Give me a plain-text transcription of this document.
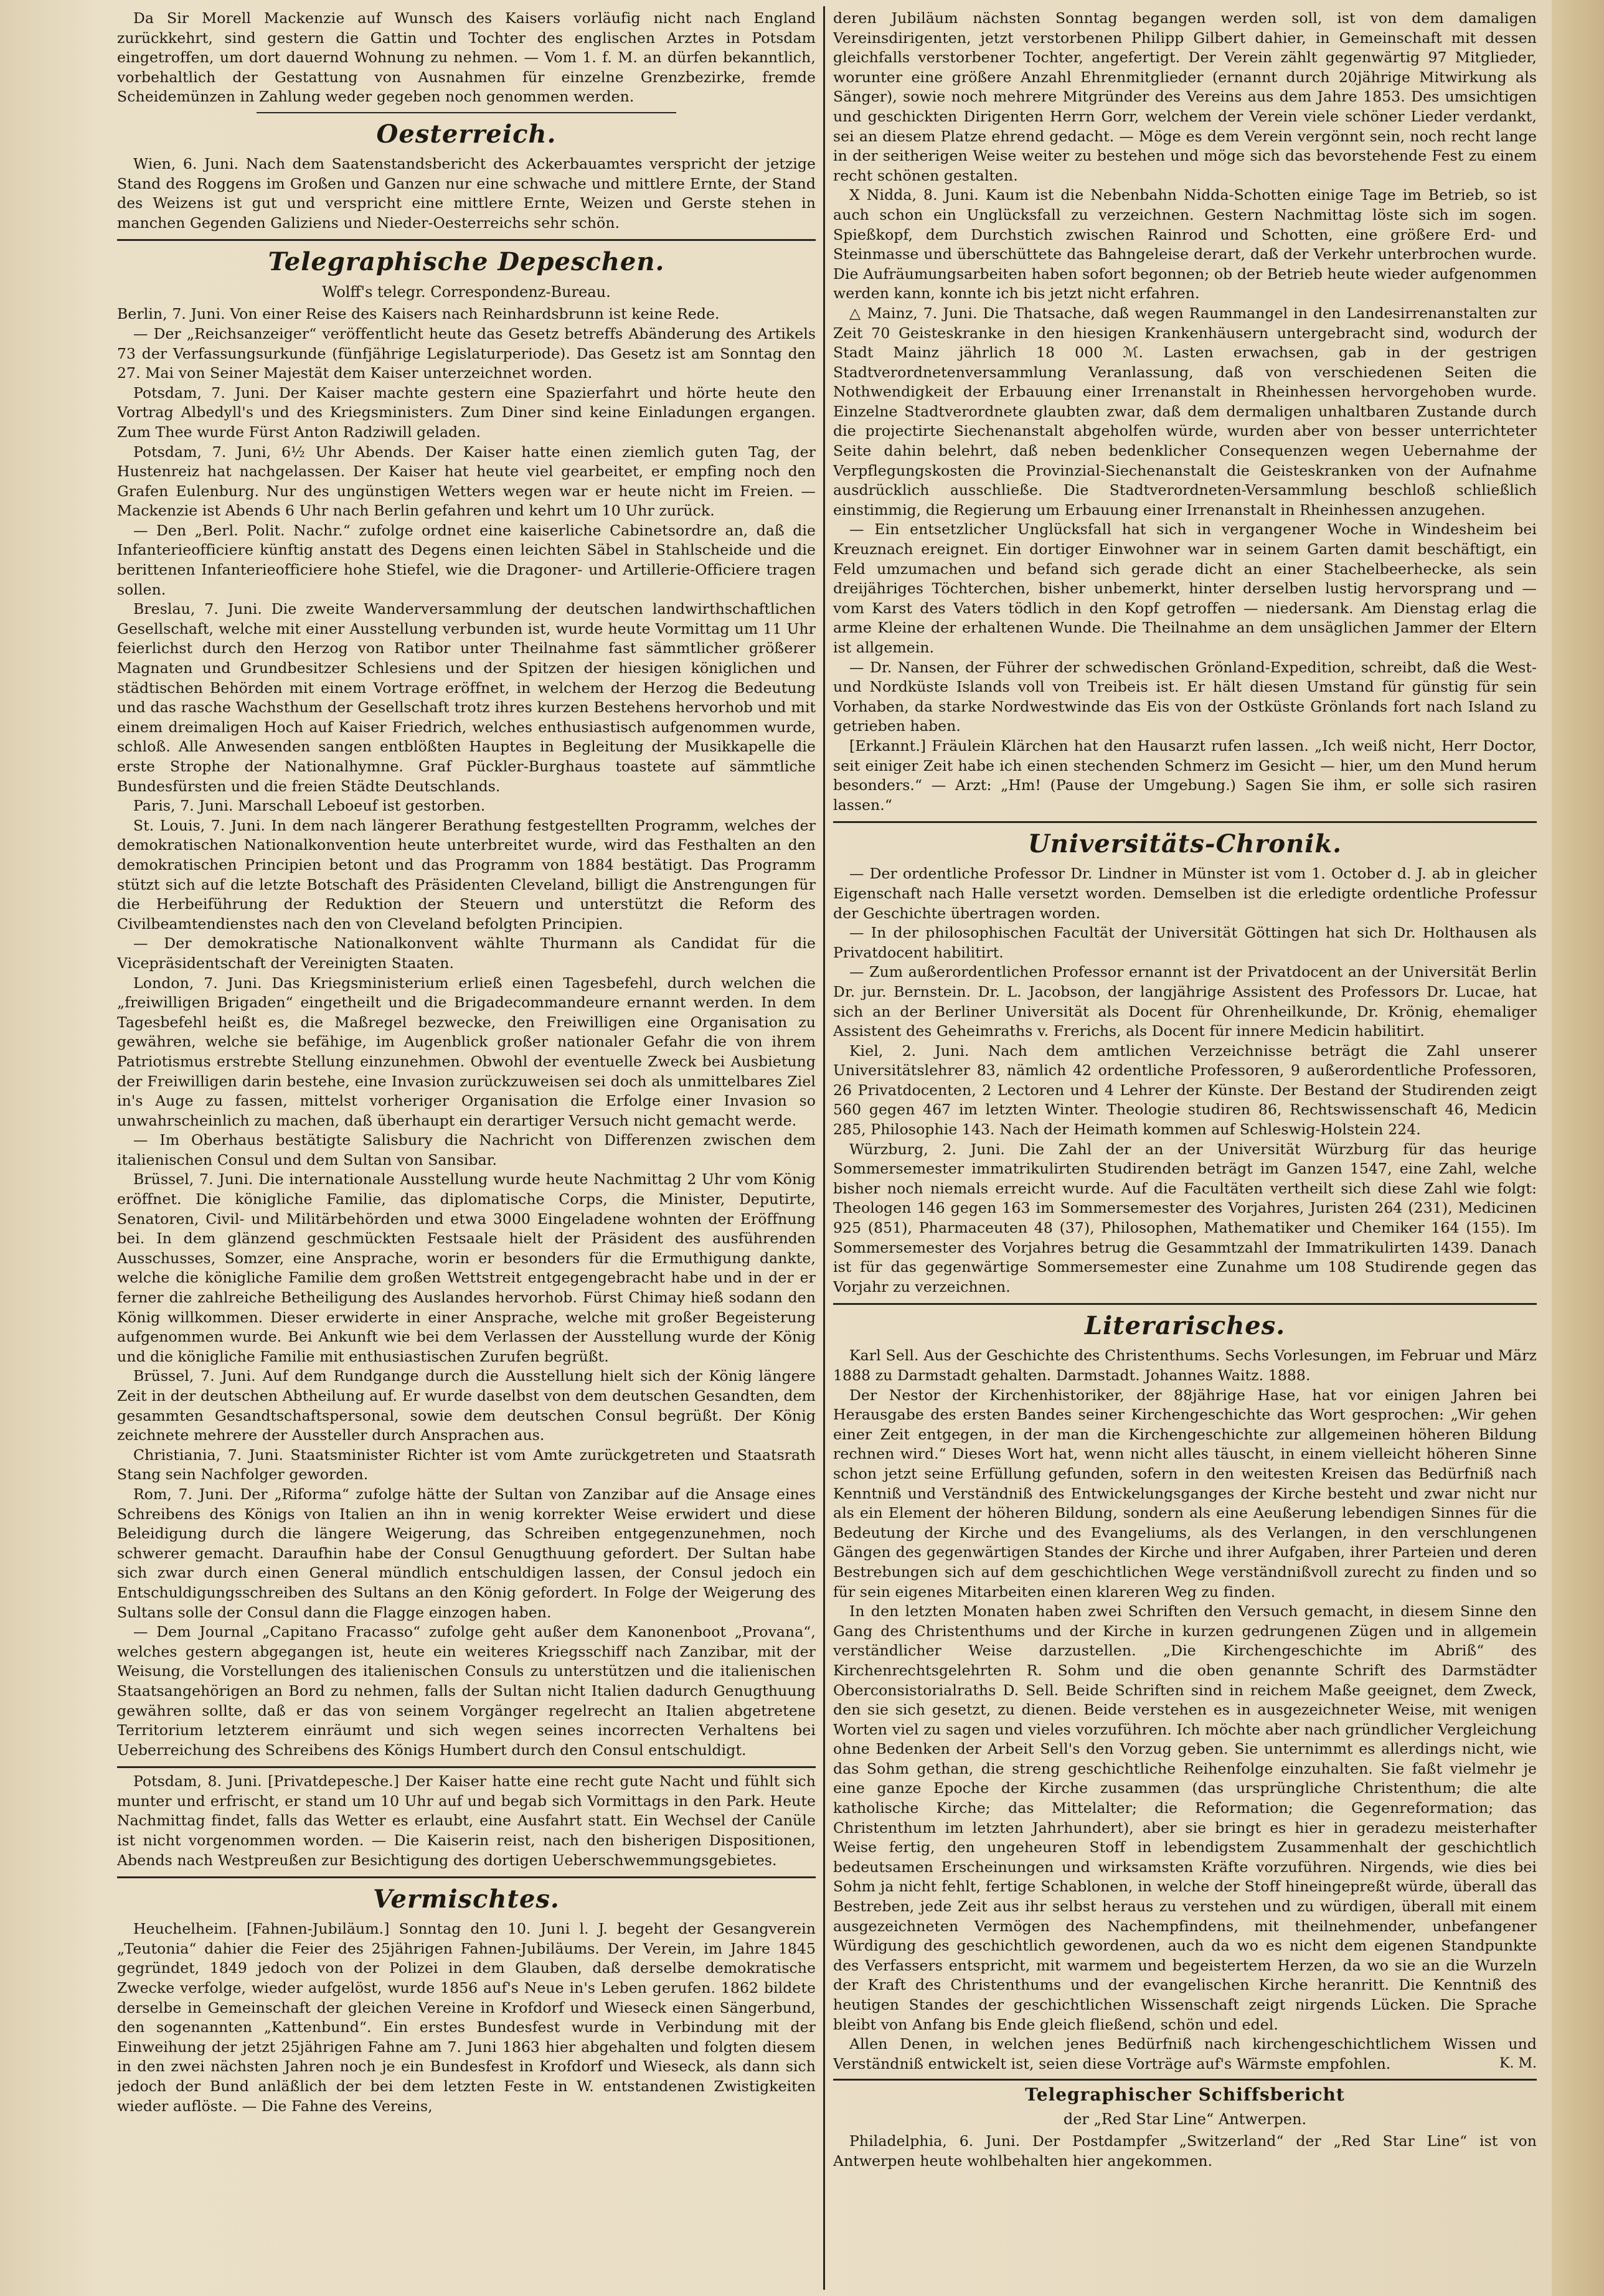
Da Sir Morell Mackenzie auf Wunsch des Kaisers vorläufig nicht nach England zurückkehrt, sind gestern die Gattin und Tochter des englischen Arztes in Potsdam eingetroffen, um dort dauernd Wohnung zu nehmen. — Vom 1. f. M. an dürfen bekanntlich, vorbehaltlich der Gestattung von Ausnahmen für einzelne Grenzbezirke, fremde Scheidemünzen in Zahlung weder gegeben noch genommen werden.

Oesterreich.

Wien, 6. Juni. Nach dem Saatenstandsbericht des Ackerbauamtes verspricht der jetzige Stand des Roggens im Großen und Ganzen nur eine schwache und mittlere Ernte, der Stand des Weizens ist gut und verspricht eine mittlere Ernte, Weizen und Gerste stehen in manchen Gegenden Galiziens und Nieder-Oesterreichs sehr schön.

Telegraphische Depeschen.
Wolff's telegr. Correspondenz-Bureau.

Berlin, 7. Juni. Von einer Reise des Kaisers nach Reinhardsbrunn ist keine Rede.

— Der „Reichsanzeiger“ veröffentlicht heute das Gesetz betreffs Abänderung des Artikels 73 der Verfassungsurkunde (fünfjährige Legislaturperiode). Das Gesetz ist am Sonntag den 27. Mai von Seiner Majestät dem Kaiser unterzeichnet worden.

Potsdam, 7. Juni. Der Kaiser machte gestern eine Spazierfahrt und hörte heute den Vortrag Albedyll's und des Kriegsministers. Zum Diner sind keine Einladungen ergangen. Zum Thee wurde Fürst Anton Radziwill geladen.

Potsdam, 7. Juni, 6½ Uhr Abends. Der Kaiser hatte einen ziemlich guten Tag, der Hustenreiz hat nachgelassen. Der Kaiser hat heute viel gearbeitet, er empfing noch den Grafen Eulenburg. Nur des ungünstigen Wetters wegen war er heute nicht im Freien. — Mackenzie ist Abends 6 Uhr nach Berlin gefahren und kehrt um 10 Uhr zurück.

— Den „Berl. Polit. Nachr.“ zufolge ordnet eine kaiserliche Cabinetsordre an, daß die Infanterieofficiere künftig anstatt des Degens einen leichten Säbel in Stahlscheide und die berittenen Infanterieofficiere hohe Stiefel, wie die Dragoner- und Artillerie-Officiere tragen sollen.

Breslau, 7. Juni. Die zweite Wanderversammlung der deutschen landwirthschaftlichen Gesellschaft, welche mit einer Ausstellung verbunden ist, wurde heute Vormittag um 11 Uhr feierlichst durch den Herzog von Ratibor unter Theilnahme fast sämmtlicher größerer Magnaten und Grundbesitzer Schlesiens und der Spitzen der hiesigen königlichen und städtischen Behörden mit einem Vortrage eröffnet, in welchem der Herzog die Bedeutung und das rasche Wachsthum der Gesellschaft trotz ihres kurzen Bestehens hervorhob und mit einem dreimaligen Hoch auf Kaiser Friedrich, welches enthusiastisch aufgenommen wurde, schloß. Alle Anwesenden sangen entblößten Hauptes in Begleitung der Musikkapelle die erste Strophe der Nationalhymne. Graf Pückler-Burghaus toastete auf sämmtliche Bundesfürsten und die freien Städte Deutschlands.

Paris, 7. Juni. Marschall Leboeuf ist gestorben.

St. Louis, 7. Juni. In dem nach längerer Berathung festgestellten Programm, welches der demokratischen Nationalkonvention heute unterbreitet wurde, wird das Festhalten an den demokratischen Principien betont und das Programm von 1884 bestätigt. Das Programm stützt sich auf die letzte Botschaft des Präsidenten Cleveland, billigt die Anstrengungen für die Herbeiführung der Reduktion der Steuern und unterstützt die Reform des Civilbeamtendienstes nach den von Cleveland befolgten Principien.

— Der demokratische Nationalkonvent wählte Thurmann als Candidat für die Vicepräsidentschaft der Vereinigten Staaten.

London, 7. Juni. Das Kriegsministerium erließ einen Tagesbefehl, durch welchen die „freiwilligen Brigaden“ eingetheilt und die Brigadecommandeure ernannt werden. In dem Tagesbefehl heißt es, die Maßregel bezwecke, den Freiwilligen eine Organisation zu gewähren, welche sie befähige, im Augenblick großer nationaler Gefahr die von ihrem Patriotismus erstrebte Stellung einzunehmen. Obwohl der eventuelle Zweck bei Ausbietung der Freiwilligen darin bestehe, eine Invasion zurückzuweisen sei doch als unmittelbares Ziel in's Auge zu fassen, mittelst vorheriger Organisation die Erfolge einer Invasion so unwahrscheinlich zu machen, daß überhaupt ein derartiger Versuch nicht gemacht werde.

— Im Oberhaus bestätigte Salisbury die Nachricht von Differenzen zwischen dem italienischen Consul und dem Sultan von Sansibar.

Brüssel, 7. Juni. Die internationale Ausstellung wurde heute Nachmittag 2 Uhr vom König eröffnet. Die königliche Familie, das diplomatische Corps, die Minister, Deputirte, Senatoren, Civil- und Militärbehörden und etwa 3000 Eingeladene wohnten der Eröffnung bei. In dem glänzend geschmückten Festsaale hielt der Präsident des ausführenden Ausschusses, Somzer, eine Ansprache, worin er besonders für die Ermuthigung dankte, welche die königliche Familie dem großen Wettstreit entgegengebracht habe und in der er ferner die zahlreiche Betheiligung des Auslandes hervorhob. Fürst Chimay hieß sodann den König willkommen. Dieser erwiderte in einer Ansprache, welche mit großer Begeisterung aufgenommen wurde. Bei Ankunft wie bei dem Verlassen der Ausstellung wurde der König und die königliche Familie mit enthusiastischen Zurufen begrüßt.

Brüssel, 7. Juni. Auf dem Rundgange durch die Ausstellung hielt sich der König längere Zeit in der deutschen Abtheilung auf. Er wurde daselbst von dem deutschen Gesandten, dem gesammten Gesandtschaftspersonal, sowie dem deutschen Consul begrüßt. Der König zeichnete mehrere der Aussteller durch Ansprachen aus.

Christiania, 7. Juni. Staatsminister Richter ist vom Amte zurückgetreten und Staatsrath Stang sein Nachfolger geworden.

Rom, 7. Juni. Der „Riforma“ zufolge hätte der Sultan von Zanzibar auf die Ansage eines Schreibens des Königs von Italien an ihn in wenig korrekter Weise erwidert und diese Beleidigung durch die längere Weigerung, das Schreiben entgegenzunehmen, noch schwerer gemacht. Daraufhin habe der Consul Genugthuung gefordert. Der Sultan habe sich zwar durch einen General mündlich entschuldigen lassen, der Consul jedoch ein Entschuldigungsschreiben des Sultans an den König gefordert. In Folge der Weigerung des Sultans solle der Consul dann die Flagge einzogen haben.

— Dem Journal „Capitano Fracasso“ zufolge geht außer dem Kanonenboot „Provana“, welches gestern abgegangen ist, heute ein weiteres Kriegsschiff nach Zanzibar, mit der Weisung, die Vorstellungen des italienischen Consuls zu unterstützen und die italienischen Staatsangehörigen an Bord zu nehmen, falls der Sultan nicht Italien dadurch Genugthuung gewähren sollte, daß er das von seinem Vorgänger regelrecht an Italien abgetretene Territorium letzterem einräumt und sich wegen seines incorrecten Verhaltens bei Ueberreichung des Schreibens des Königs Humbert durch den Consul entschuldigt.

Potsdam, 8. Juni. [Privatdepesche.] Der Kaiser hatte eine recht gute Nacht und fühlt sich munter und erfrischt, er stand um 10 Uhr auf und begab sich Vormittags in den Park. Heute Nachmittag findet, falls das Wetter es erlaubt, eine Ausfahrt statt. Ein Wechsel der Canüle ist nicht vorgenommen worden. — Die Kaiserin reist, nach den bisherigen Dispositionen, Abends nach Westpreußen zur Besichtigung des dortigen Ueberschwemmungsgebietes.

Vermischtes.

Heuchelheim. [Fahnen-Jubiläum.] Sonntag den 10. Juni l. J. begeht der Gesangverein „Teutonia“ dahier die Feier des 25jährigen Fahnen-Jubiläums. Der Verein, im Jahre 1845 gegründet, 1849 jedoch von der Polizei in dem Glauben, daß derselbe demokratische Zwecke verfolge, wieder aufgelöst, wurde 1856 auf's Neue in's Leben gerufen. 1862 bildete derselbe in Gemeinschaft der gleichen Vereine in Krofdorf und Wieseck einen Sängerbund, den sogenannten „Kattenbund“. Ein erstes Bundesfest wurde in Verbindung mit der Einweihung der jetzt 25jährigen Fahne am 7. Juni 1863 hier abgehalten und folgten diesem in den zwei nächsten Jahren noch je ein Bundesfest in Krofdorf und Wieseck, als dann sich jedoch der Bund anläßlich der bei dem letzten Feste in W. entstandenen Zwistigkeiten wieder auflöste. — Die Fahne des Vereins,

deren Jubiläum nächsten Sonntag begangen werden soll, ist von dem damaligen Vereinsdirigenten, jetzt verstorbenen Philipp Gilbert dahier, in Gemeinschaft mit dessen gleichfalls verstorbener Tochter, angefertigt. Der Verein zählt gegenwärtig 97 Mitglieder, worunter eine größere Anzahl Ehrenmitglieder (ernannt durch 20jährige Mitwirkung als Sänger), sowie noch mehrere Mitgründer des Vereins aus dem Jahre 1853. Des umsichtigen und geschickten Dirigenten Herrn Gorr, welchem der Verein viele schöner Lieder verdankt, sei an diesem Platze ehrend gedacht. — Möge es dem Verein vergönnt sein, noch recht lange in der seitherigen Weise weiter zu bestehen und möge sich das bevorstehende Fest zu einem recht schönen gestalten.

X Nidda, 8. Juni. Kaum ist die Nebenbahn Nidda-Schotten einige Tage im Betrieb, so ist auch schon ein Unglücksfall zu verzeichnen. Gestern Nachmittag löste sich im sogen. Spießkopf, dem Durchstich zwischen Rainrod und Schotten, eine größere Erd- und Steinmasse und überschüttete das Bahngeleise derart, daß der Verkehr unterbrochen wurde. Die Aufräumungsarbeiten haben sofort begonnen; ob der Betrieb heute wieder aufgenommen werden kann, konnte ich bis jetzt nicht erfahren.

△ Mainz, 7. Juni. Die Thatsache, daß wegen Raummangel in den Landesirrenanstalten zur Zeit 70 Geisteskranke in den hiesigen Krankenhäusern untergebracht sind, wodurch der Stadt Mainz jährlich 18 000 ℳ. Lasten erwachsen, gab in der gestrigen Stadtverordnetenversammlung Veranlassung, daß von verschiedenen Seiten die Nothwendigkeit der Erbauung einer Irrenanstalt in Rheinhessen hervorgehoben wurde. Einzelne Stadtverordnete glaubten zwar, daß dem dermaligen unhaltbaren Zustande durch die projectirte Siechenanstalt abgeholfen würde, wurden aber von besser unterrichteter Seite dahin belehrt, daß neben bedenklicher Consequenzen wegen Uebernahme der Verpflegungskosten die Provinzial-Siechenanstalt die Geisteskranken von der Aufnahme ausdrücklich ausschließe. Die Stadtverordneten-Versammlung beschloß schließlich einstimmig, die Regierung um Erbauung einer Irrenanstalt in Rheinhessen anzugehen.

— Ein entsetzlicher Unglücksfall hat sich in vergangener Woche in Windesheim bei Kreuznach ereignet. Ein dortiger Einwohner war in seinem Garten damit beschäftigt, ein Feld umzumachen und befand sich gerade dicht an einer Stachelbeerhecke, als sein dreijähriges Töchterchen, bisher unbemerkt, hinter derselben lustig hervorsprang und — vom Karst des Vaters tödlich in den Kopf getroffen — niedersank. Am Dienstag erlag die arme Kleine der erhaltenen Wunde. Die Theilnahme an dem unsäglichen Jammer der Eltern ist allgemein.

— Dr. Nansen, der Führer der schwedischen Grönland-Expedition, schreibt, daß die West- und Nordküste Islands voll von Treibeis ist. Er hält diesen Umstand für günstig für sein Vorhaben, da starke Nordwestwinde das Eis von der Ostküste Grönlands fort nach Island zu getrieben haben.

[Erkannt.] Fräulein Klärchen hat den Hausarzt rufen lassen. „Ich weiß nicht, Herr Doctor, seit einiger Zeit habe ich einen stechenden Schmerz im Gesicht — hier, um den Mund herum besonders.“ — Arzt: „Hm! (Pause der Umgebung.) Sagen Sie ihm, er solle sich rasiren lassen.“

Universitäts-Chronik.

— Der ordentliche Professor Dr. Lindner in Münster ist vom 1. October d. J. ab in gleicher Eigenschaft nach Halle versetzt worden. Demselben ist die erledigte ordentliche Professur der Geschichte übertragen worden.

— In der philosophischen Facultät der Universität Göttingen hat sich Dr. Holthausen als Privatdocent habilitirt.

— Zum außerordentlichen Professor ernannt ist der Privatdocent an der Universität Berlin Dr. jur. Bernstein. Dr. L. Jacobson, der langjährige Assistent des Professors Dr. Lucae, hat sich an der Berliner Universität als Docent für Ohrenheilkunde, Dr. Krönig, ehemaliger Assistent des Geheimraths v. Frerichs, als Docent für innere Medicin habilitirt.

Kiel, 2. Juni. Nach dem amtlichen Verzeichnisse beträgt die Zahl unserer Universitätslehrer 83, nämlich 42 ordentliche Professoren, 9 außerordentliche Professoren, 26 Privatdocenten, 2 Lectoren und 4 Lehrer der Künste. Der Bestand der Studirenden zeigt 560 gegen 467 im letzten Winter. Theologie studiren 86, Rechtswissenschaft 46, Medicin 285, Philosophie 143. Nach der Heimath kommen auf Schleswig-Holstein 224.

Würzburg, 2. Juni. Die Zahl der an der Universität Würzburg für das heurige Sommersemester immatrikulirten Studirenden beträgt im Ganzen 1547, eine Zahl, welche bisher noch niemals erreicht wurde. Auf die Facultäten vertheilt sich diese Zahl wie folgt: Theologen 146 gegen 163 im Sommersemester des Vorjahres, Juristen 264 (231), Medicinen 925 (851), Pharmaceuten 48 (37), Philosophen, Mathematiker und Chemiker 164 (155). Im Sommersemester des Vorjahres betrug die Gesammtzahl der Immatrikulirten 1439. Danach ist für das gegenwärtige Sommersemester eine Zunahme um 108 Studirende gegen das Vorjahr zu verzeichnen.

Literarisches.

Karl Sell. Aus der Geschichte des Christenthums. Sechs Vorlesungen, im Februar und März 1888 zu Darmstadt gehalten. Darmstadt. Johannes Waitz. 1888.

Der Nestor der Kirchenhistoriker, der 88jährige Hase, hat vor einigen Jahren bei Herausgabe des ersten Bandes seiner Kirchengeschichte das Wort gesprochen: „Wir gehen einer Zeit entgegen, in der man die Kirchengeschichte zur allgemeinen höheren Bildung rechnen wird.“ Dieses Wort hat, wenn nicht alles täuscht, in einem vielleicht höheren Sinne schon jetzt seine Erfüllung gefunden, sofern in den weitesten Kreisen das Bedürfniß nach Kenntniß und Verständniß des Entwickelungsganges der Kirche besteht und zwar nicht nur als ein Element der höheren Bildung, sondern als eine Aeußerung lebendigen Sinnes für die Bedeutung der Kirche und des Evangeliums, als des Verlangen, in den verschlungenen Gängen des gegenwärtigen Standes der Kirche und ihrer Aufgaben, ihrer Parteien und deren Bestrebungen sich auf dem geschichtlichen Wege verständnißvoll zurecht zu finden und so für sein eigenes Mitarbeiten einen klareren Weg zu finden.

In den letzten Monaten haben zwei Schriften den Versuch gemacht, in diesem Sinne den Gang des Christenthums und der Kirche in kurzen gedrungenen Zügen und in allgemein verständlicher Weise darzustellen. „Die Kirchengeschichte im Abriß“ des Kirchenrechtsgelehrten R. Sohm und die oben genannte Schrift des Darmstädter Oberconsistorialraths D. Sell. Beide Schriften sind in reichem Maße geeignet, dem Zweck, den sie sich gesetzt, zu dienen. Beide verstehen es in ausgezeichneter Weise, mit wenigen Worten viel zu sagen und vieles vorzuführen. Ich möchte aber nach gründlicher Vergleichung ohne Bedenken der Arbeit Sell's den Vorzug geben. Sie unternimmt es allerdings nicht, wie das Sohm gethan, die streng geschichtliche Reihenfolge einzuhalten. Sie faßt vielmehr je eine ganze Epoche der Kirche zusammen (das ursprüngliche Christenthum; die alte katholische Kirche; das Mittelalter; die Reformation; die Gegenreformation; das Christenthum im letzten Jahrhundert), aber sie bringt es hier in geradezu meisterhafter Weise fertig, den ungeheuren Stoff in lebendigstem Zusammenhalt der geschichtlich bedeutsamen Erscheinungen und wirksamsten Kräfte vorzuführen. Nirgends, wie dies bei Sohm ja nicht fehlt, fertige Schablonen, in welche der Stoff hineingepreßt würde, überall das Bestreben, jede Zeit aus ihr selbst heraus zu verstehen und zu würdigen, überall mit einem ausgezeichneten Vermögen des Nachempfindens, mit theilnehmender, unbefangener Würdigung des geschichtlich gewordenen, auch da wo es nicht dem eigenen Standpunkte des Verfassers entspricht, mit warmem und begeistertem Herzen, da wo sie an die Wurzeln der Kraft des Christenthums und der evangelischen Kirche heranritt. Die Kenntniß des heutigen Standes der geschichtlichen Wissenschaft zeigt nirgends Lücken. Die Sprache bleibt von Anfang bis Ende gleich fließend, schön und edel.

Allen Denen, in welchen jenes Bedürfniß nach kirchengeschichtlichem Wissen und Verständniß entwickelt ist, seien diese Vorträge auf's Wärmste empfohlen.	K. M.
Telegraphischer Schiffsbericht
der „Red Star Line“ Antwerpen.

Philadelphia, 6. Juni. Der Postdampfer „Switzerland“ der „Red Star Line“ ist von Antwerpen heute wohlbehalten hier angekommen.
